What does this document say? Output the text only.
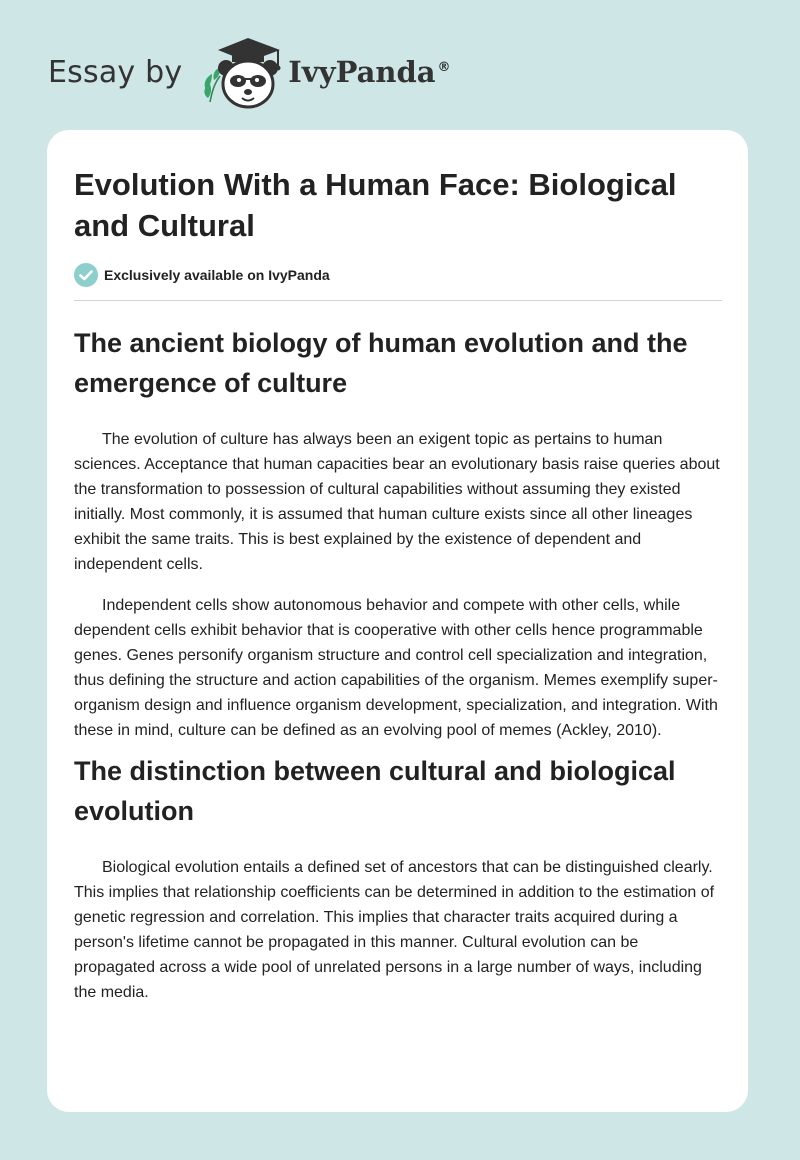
Essay by	IvyPanda ®
Evolution With a Human Face: Biological and Cultural
Exclusively available on IvyPanda
The ancient biology of human evolution and the emergence of culture

The evolution of culture has always been an exigent topic as pertains to human sciences. Acceptance that human capacities bear an evolutionary basis raise queries about the transformation to possession of cultural capabilities without assuming they existed initially. Most commonly, it is assumed that human culture exists since all other lineages exhibit the same traits. This is best explained by the existence of dependent and independent cells.

Independent cells show autonomous behavior and compete with other cells, while dependent cells exhibit behavior that is cooperative with other cells hence programmable genes. Genes personify organism structure and control cell specialization and integration, thus defining the structure and action capabilities of the organism. Memes exemplify super-organism design and influence organism development, specialization, and integration. With these in mind, culture can be defined as an evolving pool of memes (Ackley, 2010).

The distinction between cultural and biological evolution

Biological evolution entails a defined set of ancestors that can be distinguished clearly. This implies that relationship coefficients can be determined in addition to the estimation of genetic regression and correlation. This implies that character traits acquired during a person's lifetime cannot be propagated in this manner. Cultural evolution can be propagated across a wide pool of unrelated persons in a large number of ways, including the media.
